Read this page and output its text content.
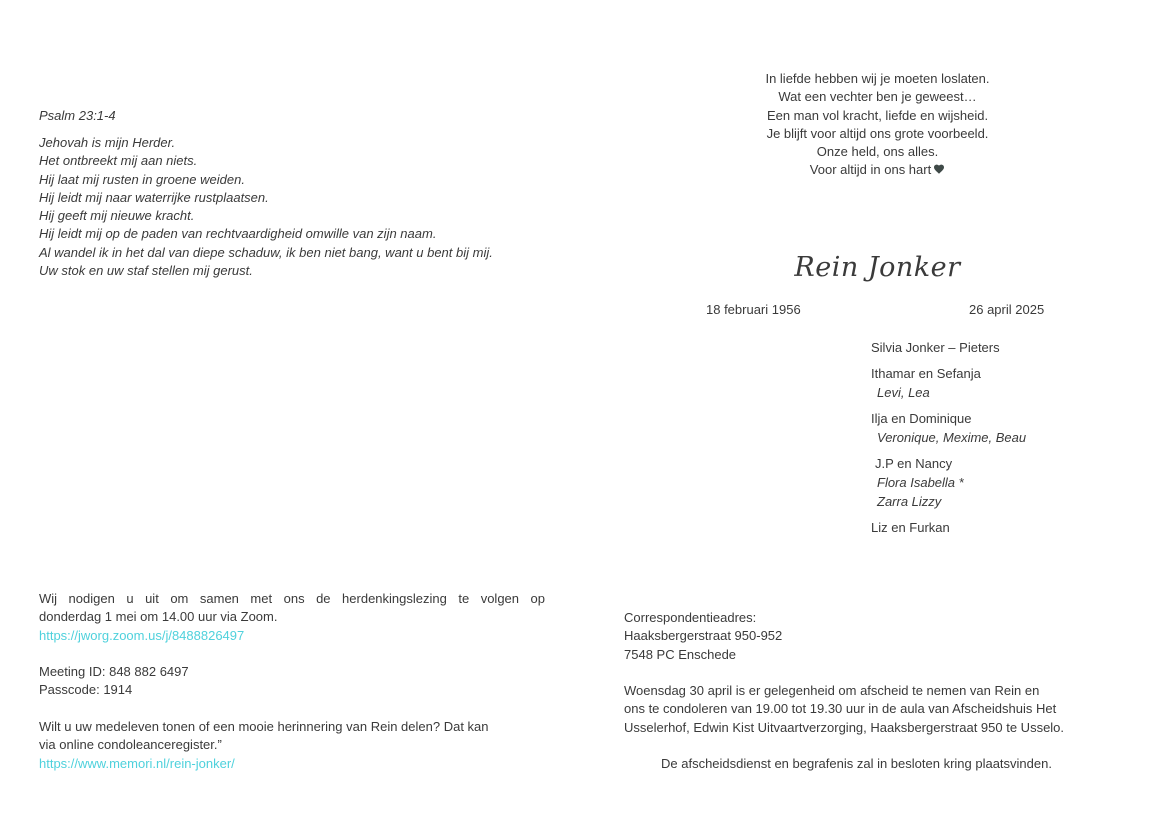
Psalm 23:1-4
Jehovah is mijn Herder.
Het ontbreekt mij aan niets.
Hij laat mij rusten in groene weiden.
Hij leidt mij naar waterrijke rustplaatsen.
Hij geeft mij nieuwe kracht.
Hij leidt mij op de paden van rechtvaardigheid omwille van zijn naam.
Al wandel ik in het dal van diepe schaduw, ik ben niet bang, want u bent bij mij.
Uw stok en uw staf stellen mij gerust.
In liefde hebben wij je moeten loslaten.
Wat een vechter ben je geweest…
Een man vol kracht, liefde en wijsheid.
Je blijft voor altijd ons grote voorbeeld.
Onze held, ons alles.
Voor altijd in ons hart
Rein Jonker
18 februari 1956	26 april 2025
Silvia Jonker – Pieters
Ithamar en Sefanja
Levi, Lea
Ilja en Dominique
Veronique, Mexime, Beau
J.P en Nancy
Flora Isabella *
Zarra Lizzy
Liz en Furkan
Wij nodigen u uit om samen met ons de herdenkingslezing te volgen op
donderdag 1 mei om 14.00 uur via Zoom.
https://jworg.zoom.us/j/8488826497
Meeting ID: 848 882 6497
Passcode: 1914
Wilt u uw medeleven tonen of een mooie herinnering van Rein delen? Dat kan
via online condoleanceregister.”
https://www.memori.nl/rein-jonker/
Correspondentieadres:
Haaksbergerstraat 950-952
7548 PC Enschede
Woensdag 30 april is er gelegenheid om afscheid te nemen van Rein en
ons te condoleren van 19.00 tot 19.30 uur in de aula van Afscheidshuis Het
Usselerhof, Edwin Kist Uitvaartverzorging, Haaksbergerstraat 950 te Usselo.
De afscheidsdienst en begrafenis zal in besloten kring plaatsvinden.
